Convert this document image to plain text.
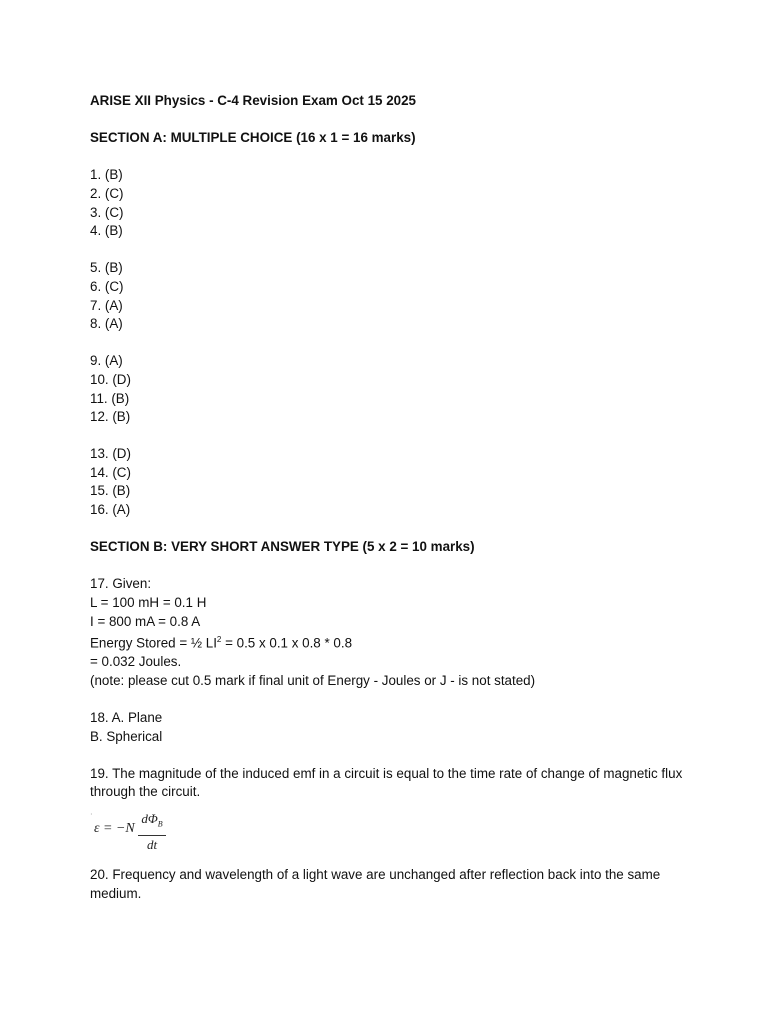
ARISE XII Physics - C-4 Revision Exam Oct 15 2025

SECTION A: MULTIPLE CHOICE (16 x 1 = 16 marks)

1. (B)

2. (C)

3. (C)

4. (B)

5. (B)

6. (C)

7. (A)

8. (A)

9. (A)

10. (D)

11. (B)

12. (B)

13. (D)

14. (C)

15. (B)

16. (A)

SECTION B: VERY SHORT ANSWER TYPE (5 x 2 = 10 marks)

17. Given:

L = 100 mH = 0.1 H

I = 800 mA = 0.8 A

Energy Stored = ½ $LI^2 = 0.5$ x 0.1 x 0.8 * 0.8

= 0.032 Joules.

(note: please cut 0.5 mark if final unit of Energy - Joules or J - is not stated)

18. A. Plane

B. Spherical

19. The magnitude of the induced emf in a circuit is equal to the time rate of change of magnetic flux through the circuit.

·
ε = −N
$d\Phi_B$
dt

20. Frequency and wavelength of a light wave are unchanged after reflection back into the same medium.
